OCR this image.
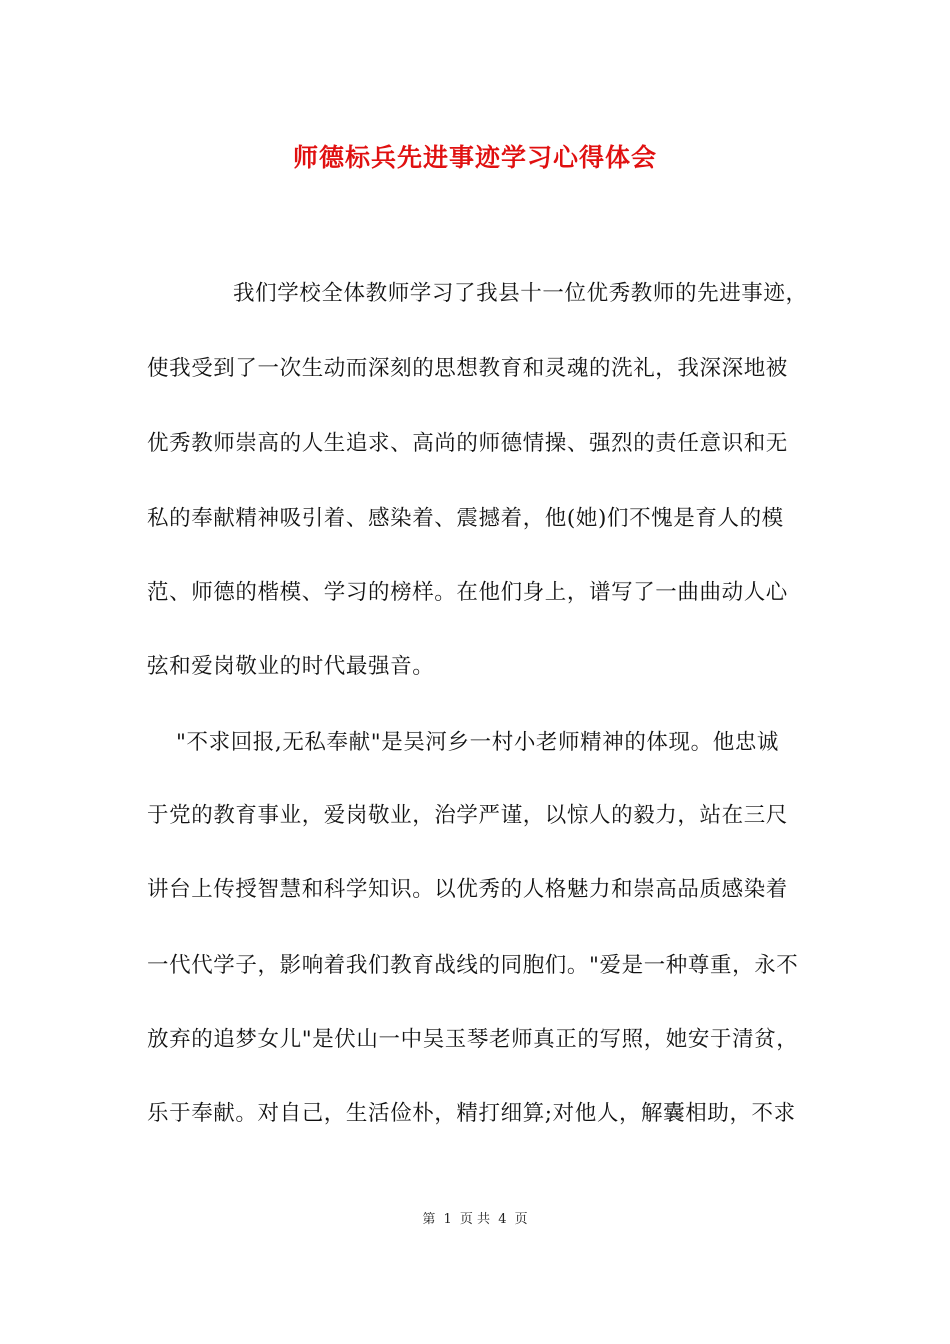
师德标兵先进事迹学习心得体会
我们学校全体教师学习了我县十一位优秀教师的先进事迹，
使我受到了一次生动而深刻的思想教育和灵魂的洗礼，我深深地被
优秀教师崇高的人生追求、高尚的师德情操、强烈的责任意识和无
私的奉献精神吸引着、感染着、震撼着，他(她)们不愧是育人的模
范、师德的楷模、学习的榜样。在他们身上，谱写了一曲曲动人心
弦和爱岗敬业的时代最强音。
"不求回报,无私奉献"是吴河乡一村小老师精神的体现。他忠诚
于党的教育事业，爱岗敬业，治学严谨，以惊人的毅力，站在三尺
讲台上传授智慧和科学知识。以优秀的人格魅力和崇高品质感染着
一代代学子，影响着我们教育战线的同胞们。"爱是一种尊重，永不
放弃的追梦女儿"是伏山一中吴玉琴老师真正的写照，她安于清贫，
乐于奉献。对自己，生活俭朴，精打细算;对他人，解囊相助，不求
第 1 页 共 4 页
